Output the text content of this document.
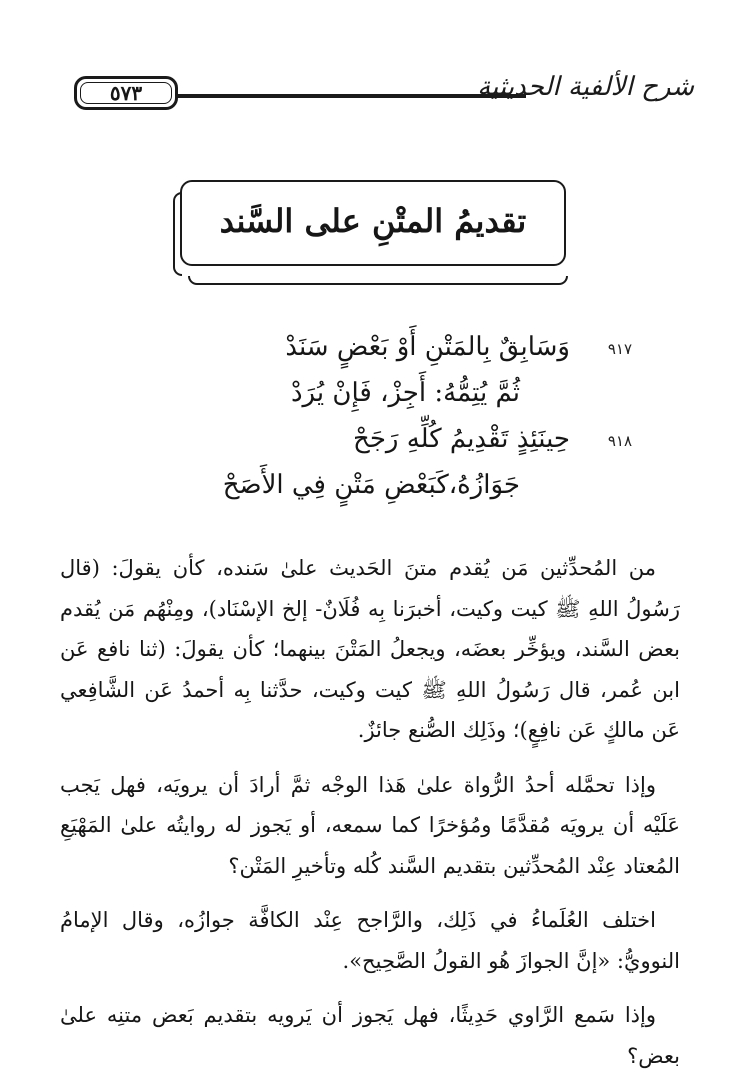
٥٧٣	شرح الألفية الحديثية
تقديمُ المتْنِ على السَّند
٩١٧
وَسَابِقٌ بِالمَتْنِ أَوْ بَعْضٍ سَنَدْ
ثُمَّ يُتِمُّهُ: أَجِزْ، فَإِنْ يُرَدْ
٩١٨
حِينَئِذٍ تَقْدِيمُ كُلِّهِ رَجَحْ
جَوَازُهُ،كَبَعْضِ مَتْنٍ فِي الأَصَحْ

من المُحدِّثين مَن يُقدم متنَ الحَديث علىٰ سَنده، كأن يقولَ: (قال رَسُولُ اللهِ ﷺ كيت وكيت، أخبرَنا بِه فُلَانٌ- إلخ الإسْنَاد)، ومِنْهُم مَن يُقدم بعض السَّند، ويؤخِّر بعضَه، ويجعلُ المَتْنَ بينهما؛ كأن يقولَ: (ثنا نافع عَن ابن عُمر، قال رَسُولُ اللهِ ﷺ كيت وكيت، حدَّثنا بِه أحمدُ عَن الشَّافِعي عَن مالكٍ عَن نافِعٍ)؛ وذَلِك الصُّنع جائزٌ.

وإذا تحمَّله أحدُ الرُّواة علىٰ هَذا الوجْه ثمَّ أرادَ أن يرويَه، فهل يَجب عَلَيْه أن يرويَه مُقدَّمًا ومُؤخرًا كما سمعه، أو يَجوز له روايتُه علىٰ المَهْيَعِ المُعتاد عِنْد المُحدِّثين بتقديم السَّند كُله وتأخيرِ المَتْن؟

اختلف العُلَماءُ في ذَلِك، والرَّاجح عِنْد الكافَّة جوازُه، وقال الإمامُ النوويُّ: «إنَّ الجوازَ هُو القولُ الصَّحِيح».

وإذا سَمع الرَّاوي حَدِيثًا، فهل يَجوز أن يَرويه بتقديم بَعض متنِه علىٰ بعض؟
